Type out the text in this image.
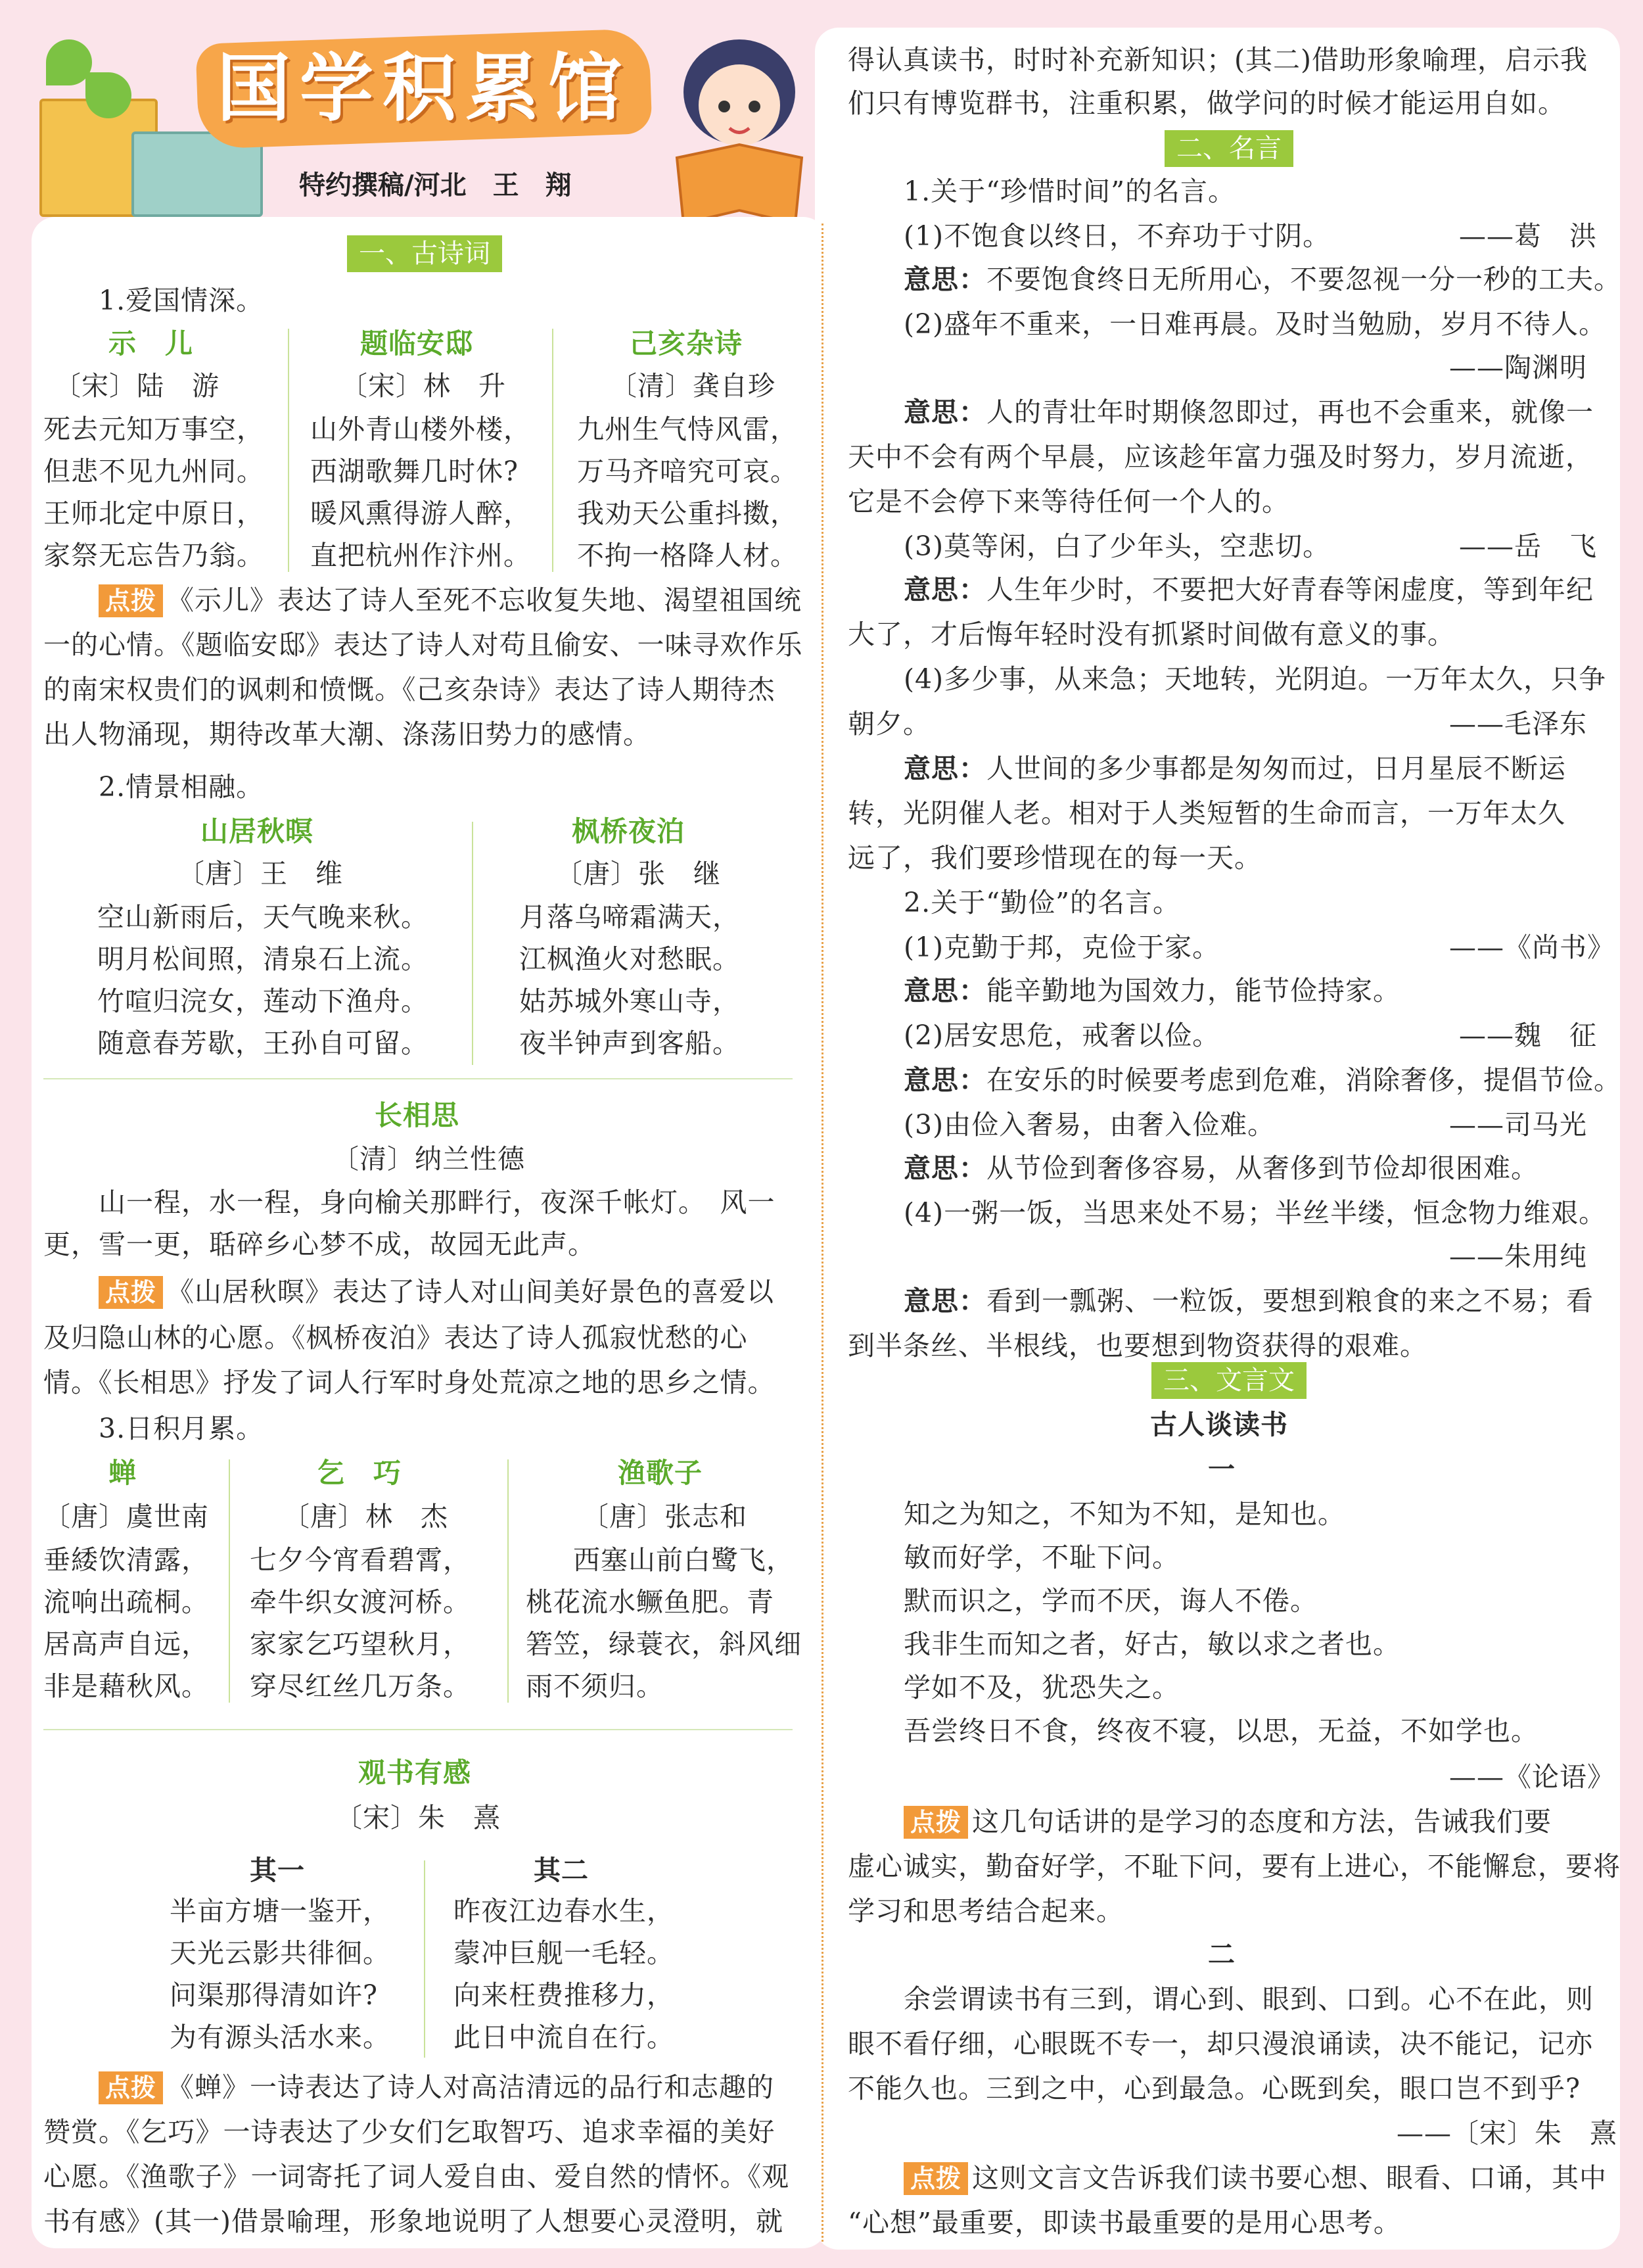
国学积累馆
特约撰稿/河北　王　翔
一、古诗词
1.爱国情深。
示　儿
〔宋〕陆　游
死去元知万事空，
但悲不见九州同。
王师北定中原日，
家祭无忘告乃翁。
题临安邸
〔宋〕林　升
山外青山楼外楼，
西湖歌舞几时休?
暖风熏得游人醉，
直把杭州作汴州。
己亥杂诗
〔清〕龚自珍
九州生气恃风雷，
万马齐喑究可哀。
我劝天公重抖擞，
不拘一格降人材。
点拨 《示儿》表达了诗人至死不忘收复失地、渴望祖国统
一的心情。《题临安邸》表达了诗人对苟且偷安、一味寻欢作乐
的南宋权贵们的讽刺和愤慨。《己亥杂诗》表达了诗人期待杰
出人物涌现，期待改革大潮、涤荡旧势力的感情。
2.情景相融。
山居秋暝
〔唐〕王　维
空山新雨后，天气晚来秋。
明月松间照，清泉石上流。
竹喧归浣女，莲动下渔舟。
随意春芳歇，王孙自可留。
枫桥夜泊
〔唐〕张　继
月落乌啼霜满天，
江枫渔火对愁眠。
姑苏城外寒山寺，
夜半钟声到客船。
长相思
〔清〕纳兰性德
山一程，水一程，身向榆关那畔行，夜深千帐灯。　风一
更，雪一更，聒碎乡心梦不成，故园无此声。
点拨 《山居秋暝》表达了诗人对山间美好景色的喜爱以
及归隐山林的心愿。《枫桥夜泊》表达了诗人孤寂忧愁的心
情。《长相思》抒发了词人行军时身处荒凉之地的思乡之情。
3.日积月累。
蝉
〔唐〕虞世南
垂緌饮清露，
流响出疏桐。
居高声自远，
非是藉秋风。
乞　巧
〔唐〕林　杰
七夕今宵看碧霄，
牵牛织女渡河桥。
家家乞巧望秋月，
穿尽红丝几万条。
渔歌子
〔唐〕张志和
西塞山前白鹭飞，
桃花流水鳜鱼肥。青
箬笠，绿蓑衣，斜风细
雨不须归。
观书有感
〔宋〕朱　熹
其一	其二
半亩方塘一鉴开，
天光云影共徘徊。
问渠那得清如许?
为有源头活水来。
昨夜江边春水生，
蒙冲巨舰一毛轻。
向来枉费推移力，
此日中流自在行。
点拨 《蝉》一诗表达了诗人对高洁清远的品行和志趣的
赞赏。《乞巧》一诗表达了少女们乞取智巧、追求幸福的美好
心愿。《渔歌子》一词寄托了词人爱自由、爱自然的情怀。《观
书有感》(其一)借景喻理，形象地说明了人想要心灵澄明，就
得认真读书，时时补充新知识；(其二)借助形象喻理，启示我
们只有博览群书，注重积累，做学问的时候才能运用自如。
二、名言
1.关于“珍惜时间”的名言。
(1)不饱食以终日，不弃功于寸阴。	——葛　洪
意思：不要饱食终日无所用心，不要忽视一分一秒的工夫。
(2)盛年不重来，一日难再晨。及时当勉励，岁月不待人。
——陶渊明
意思：人的青壮年时期倏忽即过，再也不会重来，就像一
天中不会有两个早晨，应该趁年富力强及时努力，岁月流逝，
它是不会停下来等待任何一个人的。
(3)莫等闲，白了少年头，空悲切。	——岳　飞
意思：人生年少时，不要把大好青春等闲虚度，等到年纪
大了，才后悔年轻时没有抓紧时间做有意义的事。
(4)多少事，从来急；天地转，光阴迫。一万年太久，只争
朝夕。	——毛泽东
意思：人世间的多少事都是匆匆而过，日月星辰不断运
转，光阴催人老。相对于人类短暂的生命而言，一万年太久
远了，我们要珍惜现在的每一天。
2.关于“勤俭”的名言。
(1)克勤于邦，克俭于家。	——《尚书》
意思：能辛勤地为国效力，能节俭持家。
(2)居安思危，戒奢以俭。	——魏　征
意思：在安乐的时候要考虑到危难，消除奢侈，提倡节俭。
(3)由俭入奢易，由奢入俭难。	——司马光
意思：从节俭到奢侈容易，从奢侈到节俭却很困难。
(4)一粥一饭，当思来处不易；半丝半缕，恒念物力维艰。
——朱用纯
意思：看到一瓢粥、一粒饭，要想到粮食的来之不易；看
到半条丝、半根线，也要想到物资获得的艰难。
三、文言文
古人谈读书
一
知之为知之，不知为不知，是知也。
敏而好学，不耻下问。
默而识之，学而不厌，诲人不倦。
我非生而知之者，好古，敏以求之者也。
学如不及，犹恐失之。
吾尝终日不食，终夜不寝，以思，无益，不如学也。
——《论语》
点拨 这几句话讲的是学习的态度和方法，告诫我们要
虚心诚实，勤奋好学，不耻下问，要有上进心，不能懈怠，要将
学习和思考结合起来。
二
余尝谓读书有三到，谓心到、眼到、口到。心不在此，则
眼不看仔细，心眼既不专一，却只漫浪诵读，决不能记，记亦
不能久也。三到之中，心到最急。心既到矣，眼口岂不到乎?
——〔宋〕朱　熹
点拨 这则文言文告诉我们读书要心想、眼看、口诵，其中
“心想”最重要，即读书最重要的是用心思考。
